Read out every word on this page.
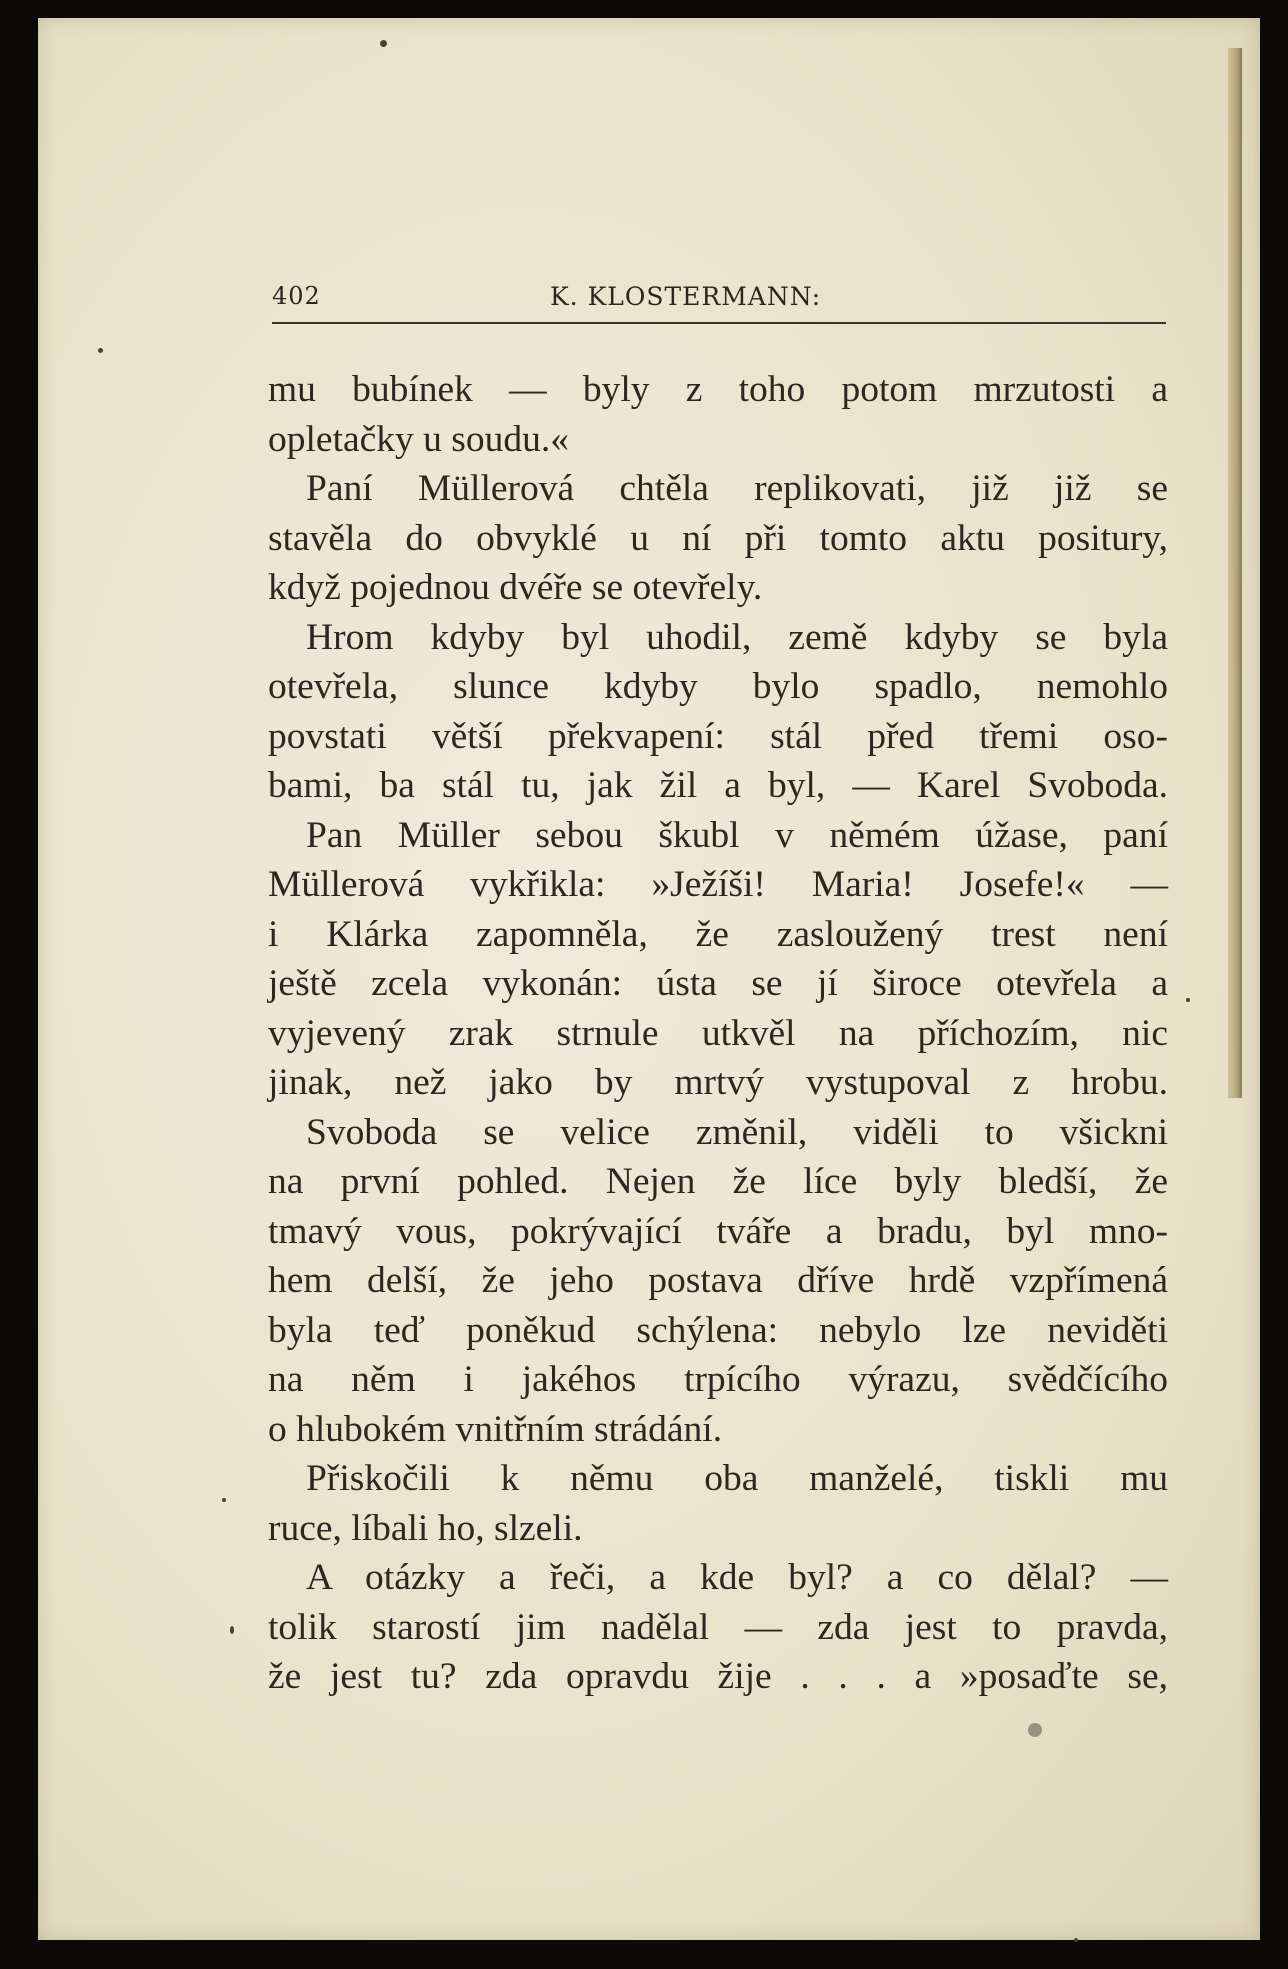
402	K. KLOSTERMANN:
mu bubínek — byly z toho potom mrzutosti a
opletačky u soudu.«
Paní Müllerová chtěla replikovati, již již se
stavěla do obvyklé u ní při tomto aktu positury,
když pojednou dvéře se otevřely.
Hrom kdyby byl uhodil, země kdyby se byla
otevřela, slunce kdyby bylo spadlo, nemohlo
povstati větší překvapení: stál před třemi oso-
bami, ba stál tu, jak žil a byl, — Karel Svoboda.
Pan Müller sebou škubl v němém úžase, paní
Müllerová vykřikla: »Ježíši! Maria! Josefe!« —
i Klárka zapomněla, že zasloužený trest není
ještě zcela vykonán: ústa se jí široce otevřela a
vyjevený zrak strnule utkvěl na příchozím, nic
jinak, než jako by mrtvý vystupoval z hrobu.
Svoboda se velice změnil, viděli to všickni
na první pohled. Nejen že líce byly bledší, že
tmavý vous, pokrývající tváře a bradu, byl mno-
hem delší, že jeho postava dříve hrdě vzpřímená
byla teď poněkud schýlena: nebylo lze neviděti
na něm i jakéhos trpícího výrazu, svědčícího
o hlubokém vnitřním strádání.
Přiskočili k němu oba manželé, tiskli mu
ruce, líbali ho, slzeli.
A otázky a řeči, a kde byl? a co dělal? —
tolik starostí jim nadělal — zda jest to pravda,
že jest tu? zda opravdu žije . . . a »posaďte se,
